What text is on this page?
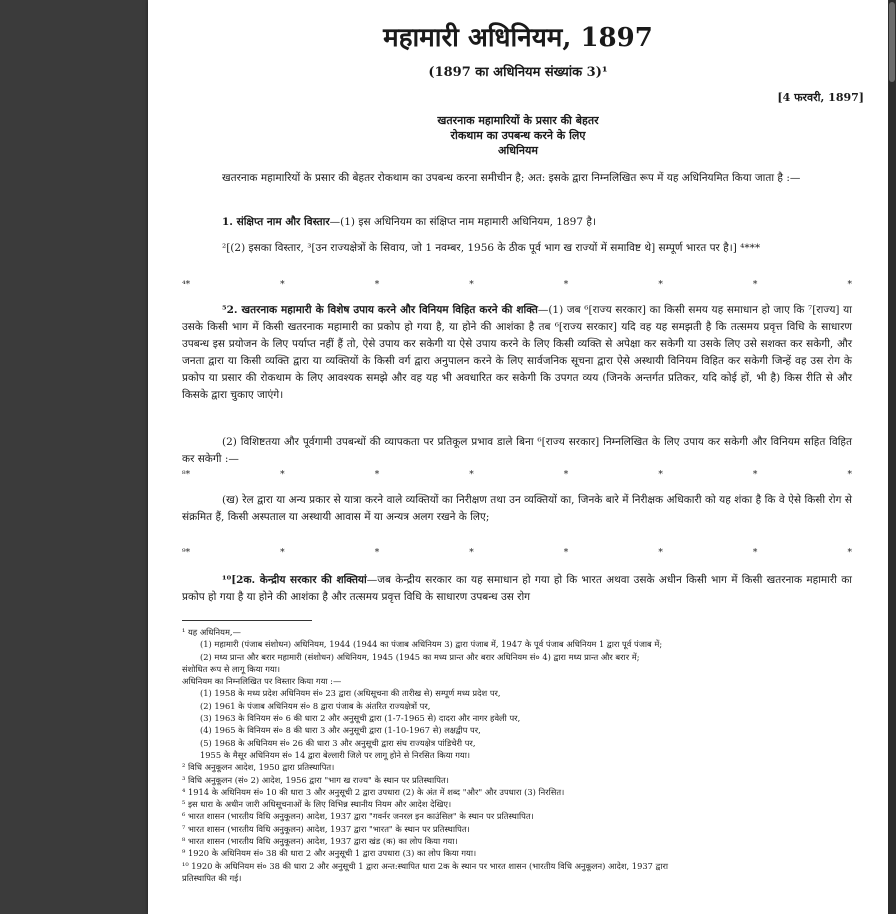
महामारी अधिनियम, 1897
(1897 का अधिनियम संख्यांक 3)¹
[4 फरवरी, 1897]
खतरनाक महामारियों के प्रसार की बेहतर
रोकथाम का उपबन्ध करने के लिए
अधिनियम
खतरनाक महामारियों के प्रसार की बेहतर रोकथाम का उपबन्ध करना समीचीन है; अत: इसके द्वारा निम्नलिखित रूप में यह अधिनियमित किया जाता है :—
1. संक्षिप्त नाम और विस्तार—(1) इस अधिनियम का संक्षिप्त नाम महामारी अधिनियम, 1897 है।
²[(2) इसका विस्तार, ³[उन राज्यक्षेत्रों के सिवाय, जो 1 नवम्बर, 1956 के ठीक पूर्व भाग ख राज्यों में समाविष्ट थे] सम्पूर्ण भारत पर है।] ⁴***
⁴*	*	*	*	*	*	*	*
⁵2. खतरनाक महामारी के विशेष उपाय करने और विनियम विहित करने की शक्ति—(1) जब ⁶[राज्य सरकार] का किसी समय यह समाधान हो जाए कि ⁷[राज्य] या उसके किसी भाग में किसी खतरनाक महामारी का प्रकोप हो गया है, या होने की आशंका है तब ⁶[राज्य सरकार] यदि वह यह समझती है कि तत्समय प्रवृत्त विधि के साधारण उपबन्ध इस प्रयोजन के लिए पर्याप्त नहीं हैं तो, ऐसे उपाय कर सकेगी या ऐसे उपाय करने के लिए किसी व्यक्ति से अपेक्षा कर सकेगी या उसके लिए उसे सशक्त कर सकेगी, और जनता द्वारा या किसी व्यक्ति द्वारा या व्यक्तियों के किसी वर्ग द्वारा अनुपालन करने के लिए सार्वजनिक सूचना द्वारा ऐसे अस्थायी विनियम विहित कर सकेगी जिन्हें वह उस रोग के प्रकोप या प्रसार की रोकथाम के लिए आवश्यक समझे और वह यह भी अवधारित कर सकेगी कि उपगत व्यय (जिनके अन्तर्गत प्रतिकर, यदि कोई हों, भी है) किस रीति से और किसके द्वारा चुकाए जाएंगे।
(2) विशिष्टतया और पूर्वगामी उपबन्धों की व्यापकता पर प्रतिकूल प्रभाव डाले बिना ⁶[राज्य सरकार] निम्नलिखित के लिए उपाय कर सकेगी और विनियम सहित विहित कर सकेगी :—
⁸*	*	*	*	*	*	*	*
(ख) रेल द्वारा या अन्य प्रकार से यात्रा करने वाले व्यक्तियों का निरीक्षण तथा उन व्यक्तियों का, जिनके बारे में निरीक्षक अधिकारी को यह शंका है कि वे ऐसे किसी रोग से संक्रमित हैं, किसी अस्पताल या अस्थायी आवास में या अन्यत्र अलग रखने के लिए;
⁹*	*	*	*	*	*	*	*
¹⁰[2क. केन्द्रीय सरकार की शक्तियां—जब केन्द्रीय सरकार का यह समाधान हो गया हो कि भारत अथवा उसके अधीन किसी भाग में किसी खतरनाक महामारी का प्रकोप हो गया है या होने की आशंका है और तत्समय प्रवृत्त विधि के साधारण उपबन्ध उस रोग
¹ यह अधिनियम,—
(1) महामारी (पंजाब संशोधन) अधिनियम, 1944 (1944 का पंजाब अधिनियम 3) द्वारा पंजाब में, 1947 के पूर्व पंजाब अधिनियम 1 द्वारा पूर्व पंजाब में;
(2) मध्य प्रान्त और बरार महामारी (संशोधन) अधिनियम, 1945 (1945 का मध्य प्रान्त और बरार अधिनियम सं० 4) द्वारा मध्य प्रान्त और बरार में;
संशोधित रूप से लागू किया गया।
अधिनियम का निम्नलिखित पर विस्तार किया गया :—
(1) 1958 के मध्य प्रदेश अधिनियम सं० 23 द्वारा (अधिसूचना की तारीख से) सम्पूर्ण मध्य प्रदेश पर,
(2) 1961 के पंजाब अधिनियम सं० 8 द्वारा पंजाब के अंतरित राज्यक्षेत्रों पर,
(3) 1963 के विनियम सं० 6 की धारा 2 और अनुसूची द्वारा (1-7-1965 से) दादरा और नागर हवेली पर,
(4) 1965 के विनियम सं० 8 की धारा 3 और अनुसूची द्वारा (1-10-1967 से) लक्षद्वीप पर,
(5) 1968 के अधिनियम सं० 26 की धारा 3 और अनुसूची द्वारा संघ राज्यक्षेत्र पांडिचेरी पर,
1955 के मैसूर अधिनियम सं० 14 द्वारा बेल्लारी जिले पर लागू होने से निरसित किया गया।
² विधि अनुकूलन आदेश, 1950 द्वारा प्रतिस्थापित।
³ विधि अनुकूलन (सं० 2) आदेश, 1956 द्वारा "भाग ख राज्य" के स्थान पर प्रतिस्थापित।
⁴ 1914 के अधिनियम सं० 10 की धारा 3 और अनुसूची 2 द्वारा उपधारा (2) के अंत में शब्द "और" और उपधारा (3) निरसित।
⁵ इस धारा के अधीन जारी अधिसूचनाओं के लिए विभिन्न स्थानीय नियम और आदेश देखिए।
⁶ भारत शासन (भारतीय विधि अनुकूलन) आदेश, 1937 द्वारा "गवर्नर जनरल इन काउंसिल" के स्थान पर प्रतिस्थापित।
⁷ भारत शासन (भारतीय विधि अनुकूलन) आदेश, 1937 द्वारा "भारत" के स्थान पर प्रतिस्थापित।
⁸ भारत शासन (भारतीय विधि अनुकूलन) आदेश, 1937 द्वारा खंड (क) का लोप किया गया।
⁹ 1920 के अधिनियम सं० 38 की धारा 2 और अनुसूची 1 द्वारा उपधारा (3) का लोप किया गया।
¹⁰ 1920 के अधिनियम सं० 38 की धारा 2 और अनुसूची 1 द्वारा अन्त:स्थापित धारा 2क के स्थान पर भारत शासन (भारतीय विधि अनुकूलन) आदेश, 1937 द्वारा
प्रतिस्थापित की गई।
